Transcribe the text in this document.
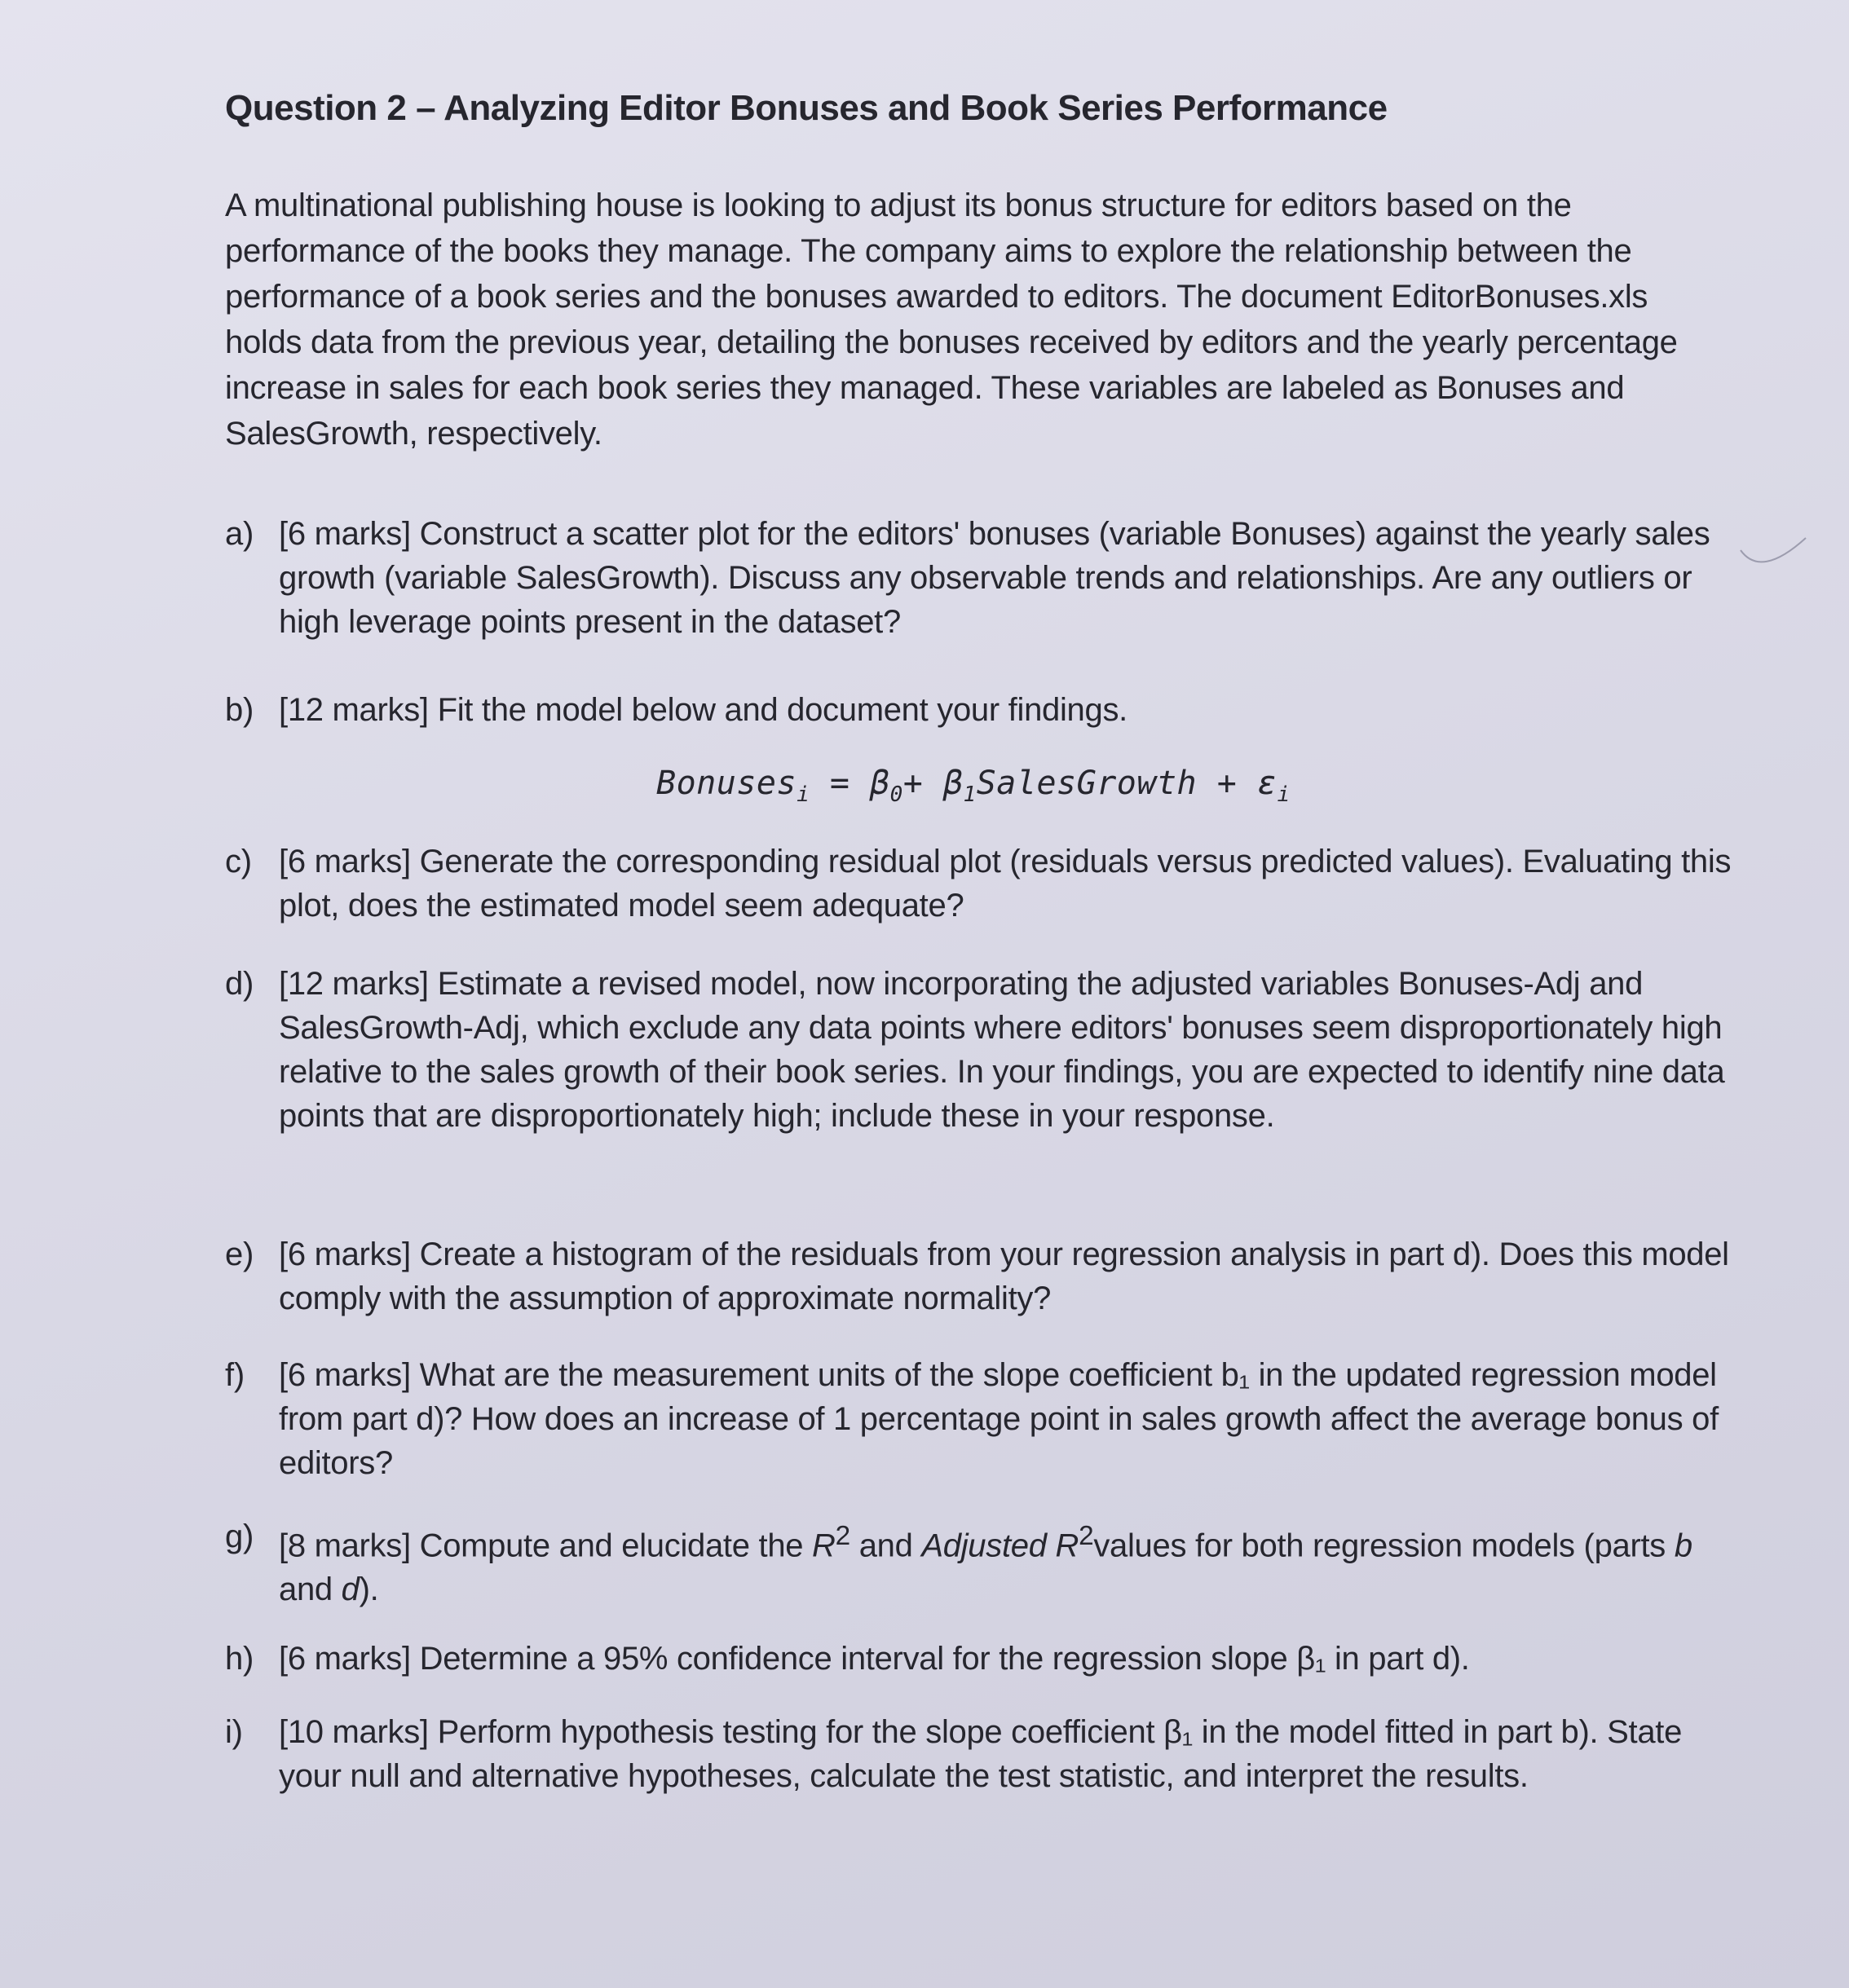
Question 2 – Analyzing Editor Bonuses and Book Series Performance

A multinational publishing house is looking to adjust its bonus structure for editors based on the performance of the books they manage. The company aims to explore the relationship between the performance of a book series and the bonuses awarded to editors. The document EditorBonuses.xls holds data from the previous year, detailing the bonuses received by editors and the yearly percentage increase in sales for each book series they managed. These variables are labeled as Bonuses and SalesGrowth, respectively.

a) [6 marks] Construct a scatter plot for the editors' bonuses (variable Bonuses) against the yearly sales growth (variable SalesGrowth). Discuss any observable trends and relationships. Are any outliers or high leverage points present in the dataset?
b) [12 marks] Fit the model below and document your findings.
Bonuses$_i$ = $\beta_0+$ $\beta_1SalesGrowth + \varepsilon_i$
c) [6 marks] Generate the corresponding residual plot (residuals versus predicted values). Evaluating this plot, does the estimated model seem adequate?
d) [12 marks] Estimate a revised model, now incorporating the adjusted variables Bonuses-Adj and SalesGrowth-Adj, which exclude any data points where editors' bonuses seem disproportionately high relative to the sales growth of their book series. In your findings, you are expected to identify nine data points that are disproportionately high; include these in your response.
e) [6 marks] Create a histogram of the residuals from your regression analysis in part d). Does this model comply with the assumption of approximate normality?
f)	[6 marks] What are the measurement units of the slope coefficient b₁ in the updated regression model from part d)? How does an increase of 1 percentage point in sales growth affect the average bonus of editors?
g) [8 marks] Compute and elucidate the $R^2$ and Adjusted $R^2values$ for both regression models (parts b and d).
h) [6 marks] Determine a 95% confidence interval for the regression slope β₁ in part d).
i)	[10 marks] Perform hypothesis testing for the slope coefficient β₁ in the model fitted in part b). State your null and alternative hypotheses, calculate the test statistic, and interpret the results.
